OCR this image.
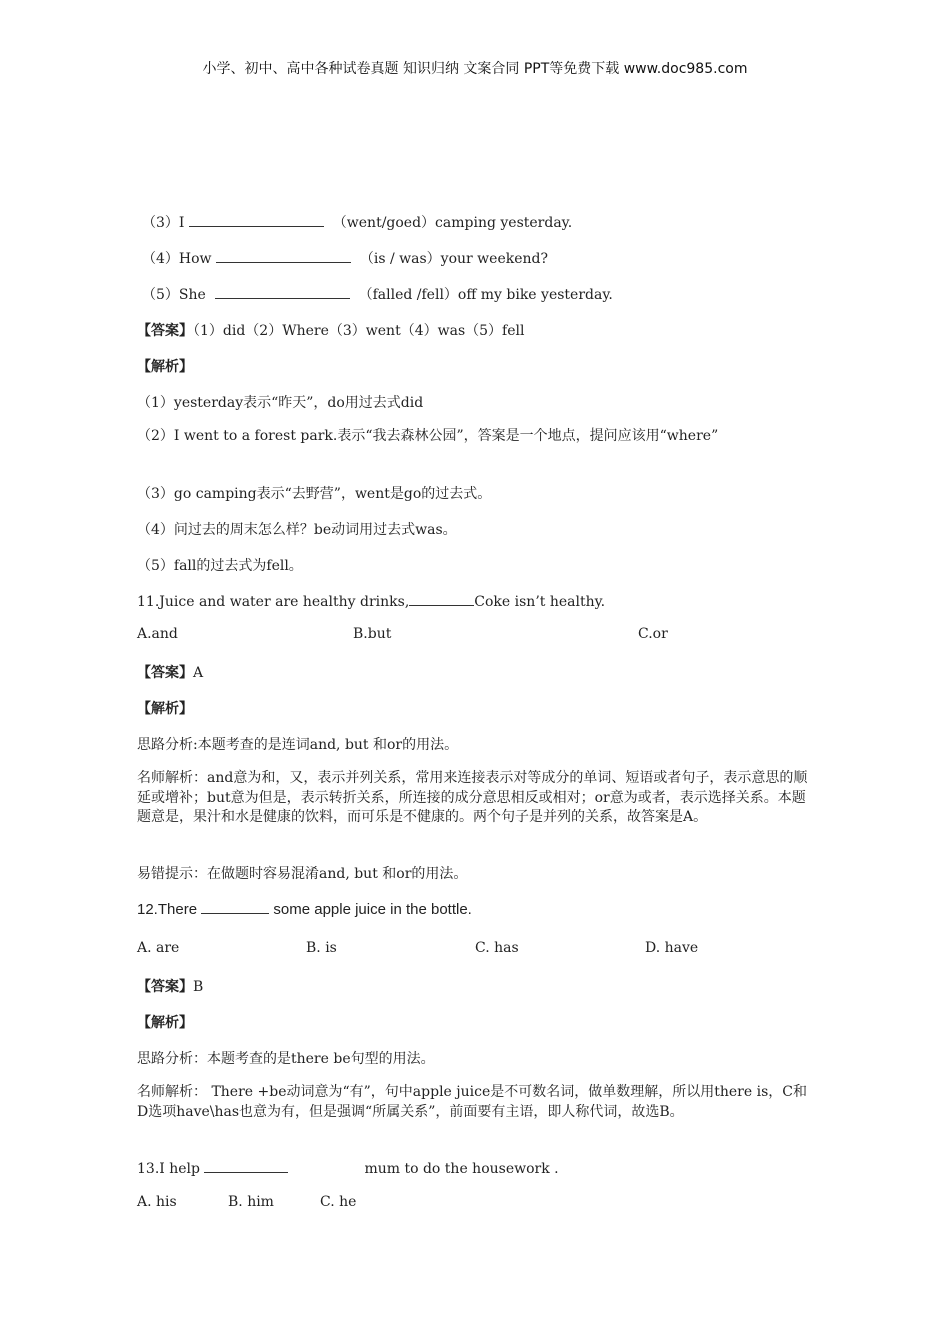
小学、初中、高中各种试卷真题 知识归纳 文案合同 PPT等免费下载 www.doc985.com
（3）I	（went/goed）camping yesterday.
（4）How	（is / was）your weekend?
（5）She	（falled /fell）off my bike yesterday.
【答案】（1）did（2）Where（3）went（4）was（5）fell
【解析】
（1）yesterday表示“昨天”，do用过去式did
（2）I went to a forest park.表示“我去森林公园”，答案是一个地点，提问应该用“where”
（3）go camping表示“去野营”，went是go的过去式。
（4）问过去的周末怎么样？be动词用过去式was。
（5）fall的过去式为fell。
11.Juice and water are healthy drinks,	Coke isn’t healthy.
A.and	B.but	C.or
【答案】A
【解析】
思路分析:本题考查的是连词and, but 和or的用法。
名师解析：and意为和，又，表示并列关系，常用来连接表示对等成分的单词、短语或者句子，表示意思的顺延或增补；but意为但是，表示转折关系，所连接的成分意思相反或相对；or意为或者，表示选择关系。本题题意是，果汁和水是健康的饮料，而可乐是不健康的。两个句子是并列的关系，故答案是A。
易错提示：在做题时容易混淆and, but 和or的用法。
12.There	some apple juice in the bottle.
A. are	B. is	C. has	D. have
【答案】B
【解析】
思路分析：本题考查的是there be句型的用法。
名师解析： There +be动词意为“有”，句中apple juice是不可数名词，做单数理解，所以用there is，C和D选项have\has也意为有，但是强调“所属关系”，前面要有主语，即人称代词，故选B。
13.I help	mum to do the housework .
A. his	B. him	C. he
